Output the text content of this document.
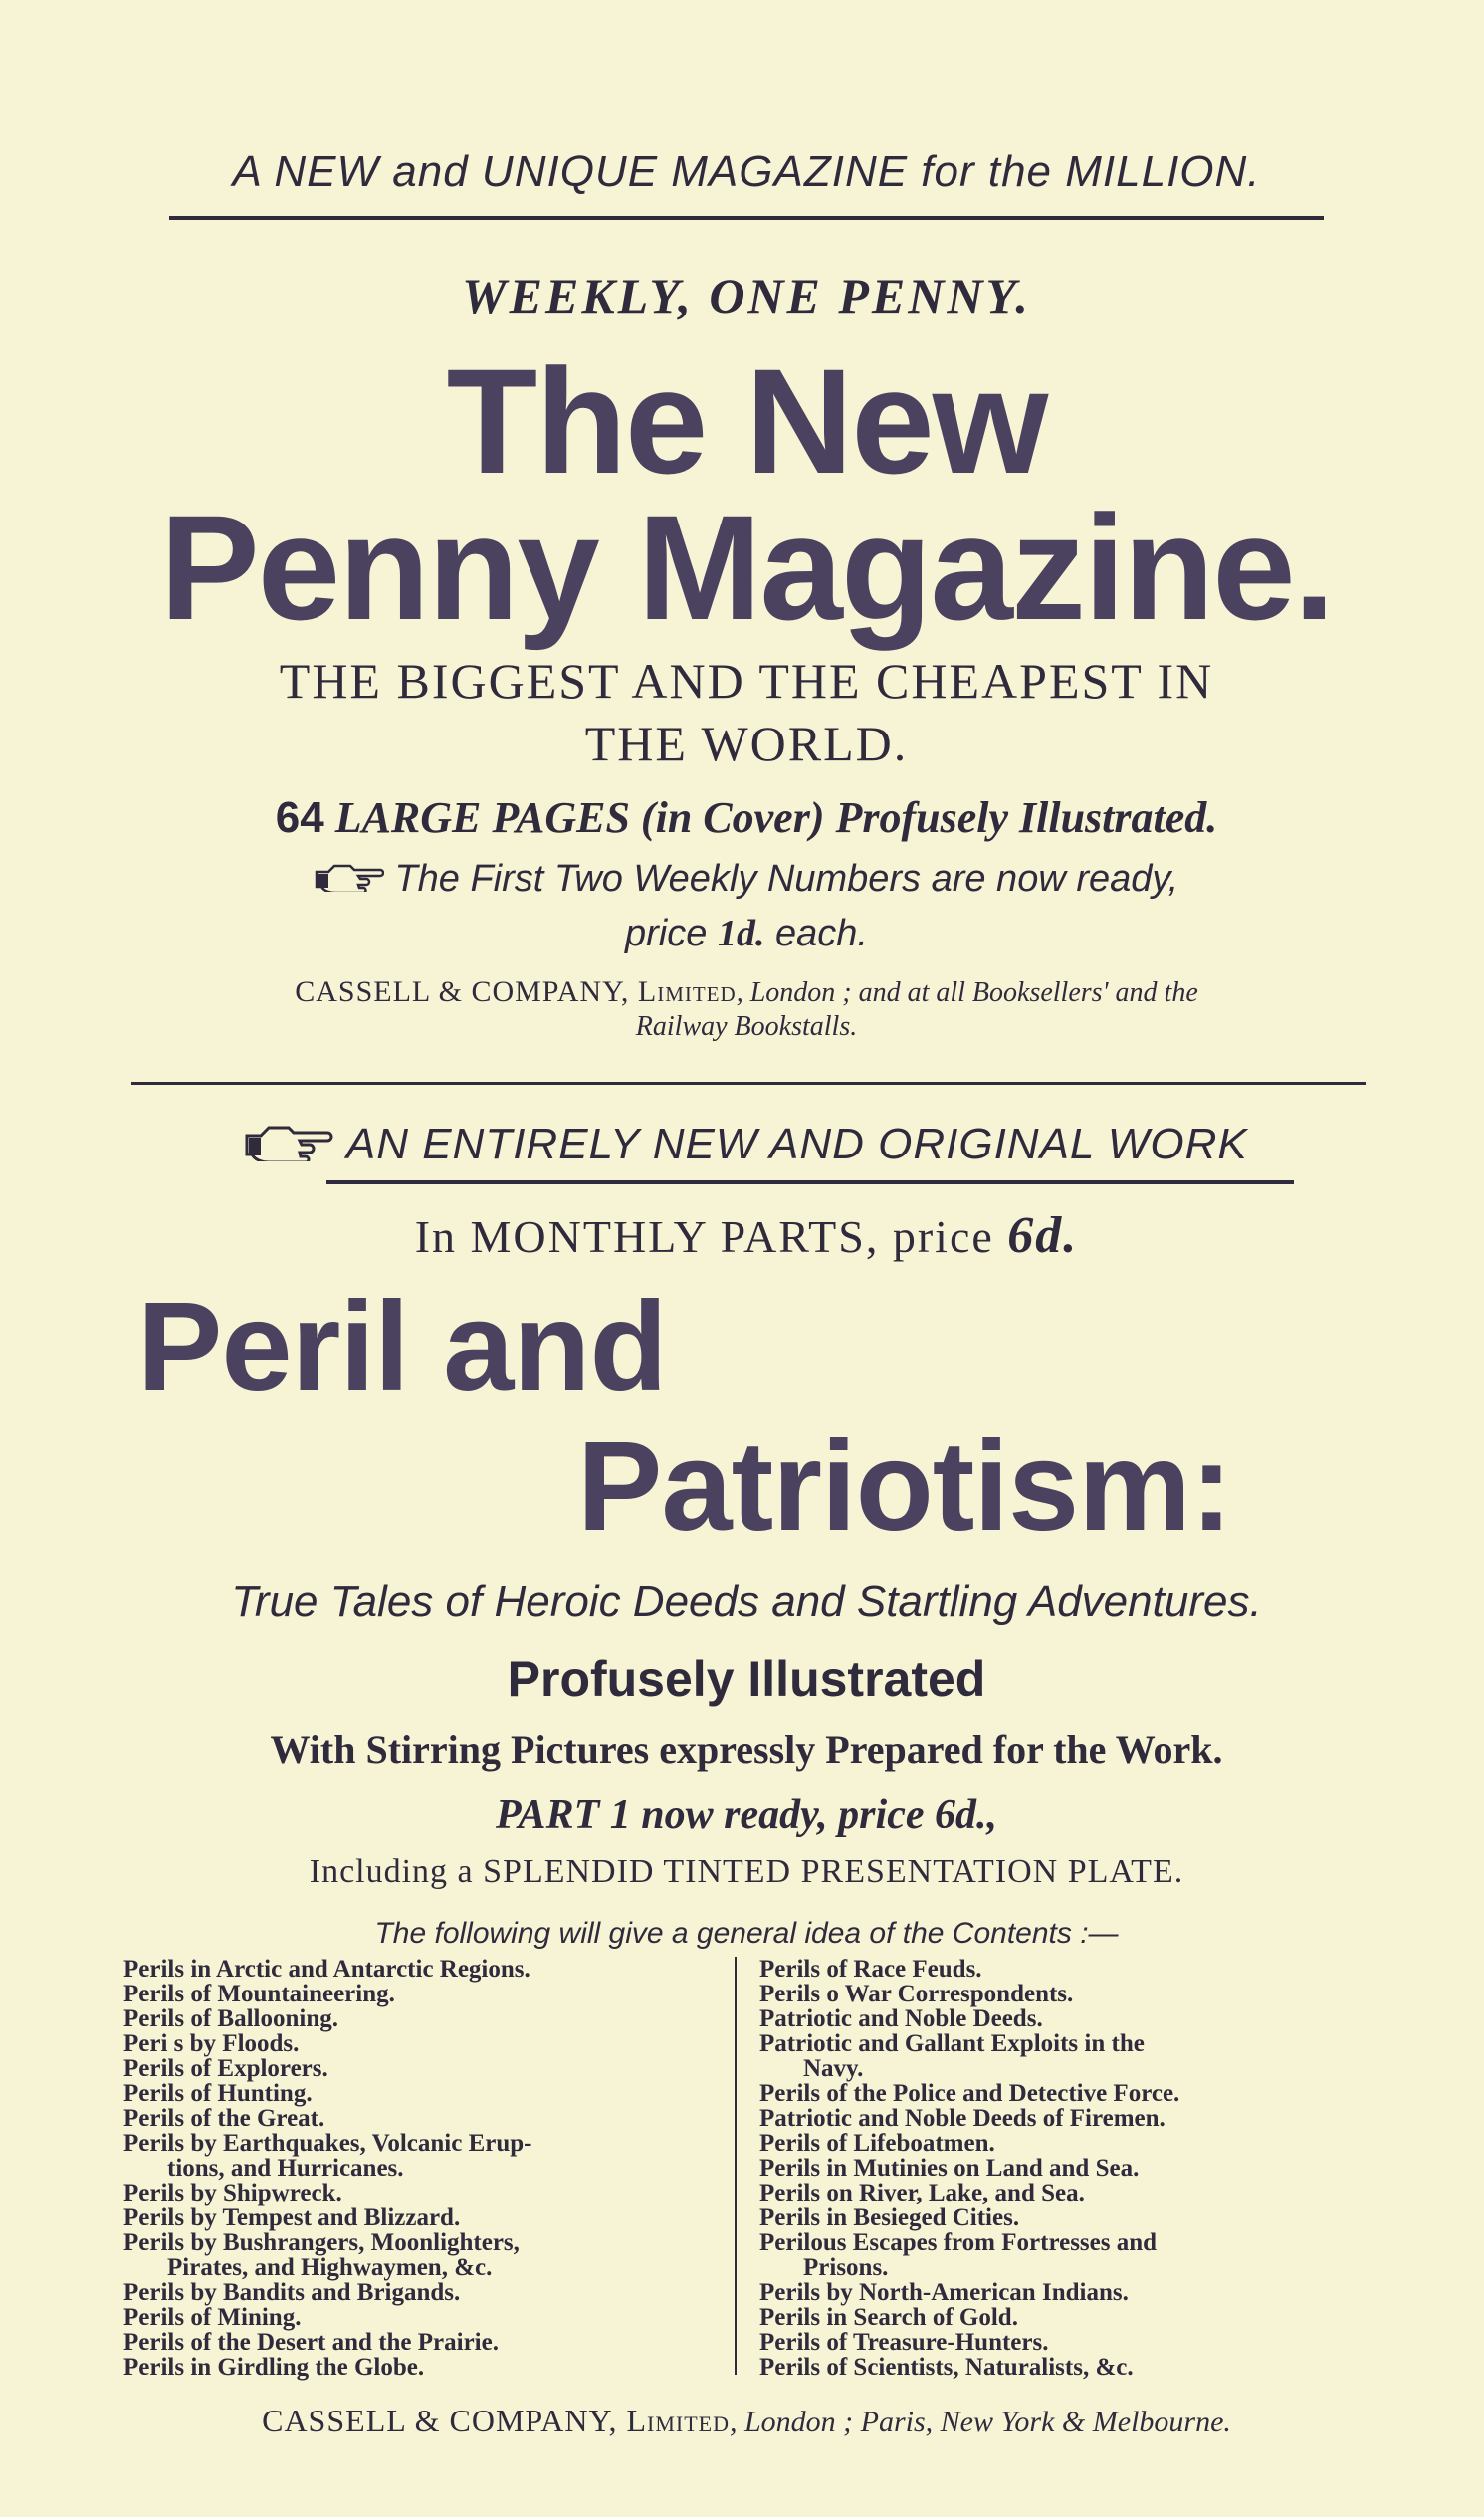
A NEW and UNIQUE MAGAZINE for the MILLION.
WEEKLY, ONE PENNY.
The New
Penny Magazine.
THE BIGGEST AND THE CHEAPEST IN
THE WORLD.
64 LARGE PAGES (in Cover) Profusely Illustrated.
The First Two Weekly Numbers are now ready,
price 1d. each.
CASSELL & COMPANY, Limited, London ; and at all Booksellers' and the
Railway Bookstalls.
AN ENTIRELY NEW AND ORIGINAL WORK
In MONTHLY PARTS, price 6d.
Peril and
Patriotism:
True Tales of Heroic Deeds and Startling Adventures.
Profusely Illustrated
With Stirring Pictures expressly Prepared for the Work.
PART 1 now ready, price 6d.,
Including a SPLENDID TINTED PRESENTATION PLATE.
The following will give a general idea of the Contents :—
Perils in Arctic and Antarctic Regions.
Perils of Mountaineering.
Perils of Ballooning.
Peri s by Floods.
Perils of Explorers.
Perils of Hunting.
Perils of the Great.
Perils by Earthquakes, Volcanic Erup-
tions, and Hurricanes.
Perils by Shipwreck.
Perils by Tempest and Blizzard.
Perils by Bushrangers, Moonlighters,
Pirates, and Highwaymen, &c.
Perils by Bandits and Brigands.
Perils of Mining.
Perils of the Desert and the Prairie.
Perils in Girdling the Globe.
Perils of Race Feuds.
Perils o War Correspondents.
Patriotic and Noble Deeds.
Patriotic and Gallant Exploits in the
Navy.
Perils of the Police and Detective Force.
Patriotic and Noble Deeds of Firemen.
Perils of Lifeboatmen.
Perils in Mutinies on Land and Sea.
Perils on River, Lake, and Sea.
Perils in Besieged Cities.
Perilous Escapes from Fortresses and
Prisons.
Perils by North-American Indians.
Perils in Search of Gold.
Perils of Treasure-Hunters.
Perils of Scientists, Naturalists, &c.
CASSELL & COMPANY, Limited, London ; Paris, New York & Melbourne.
